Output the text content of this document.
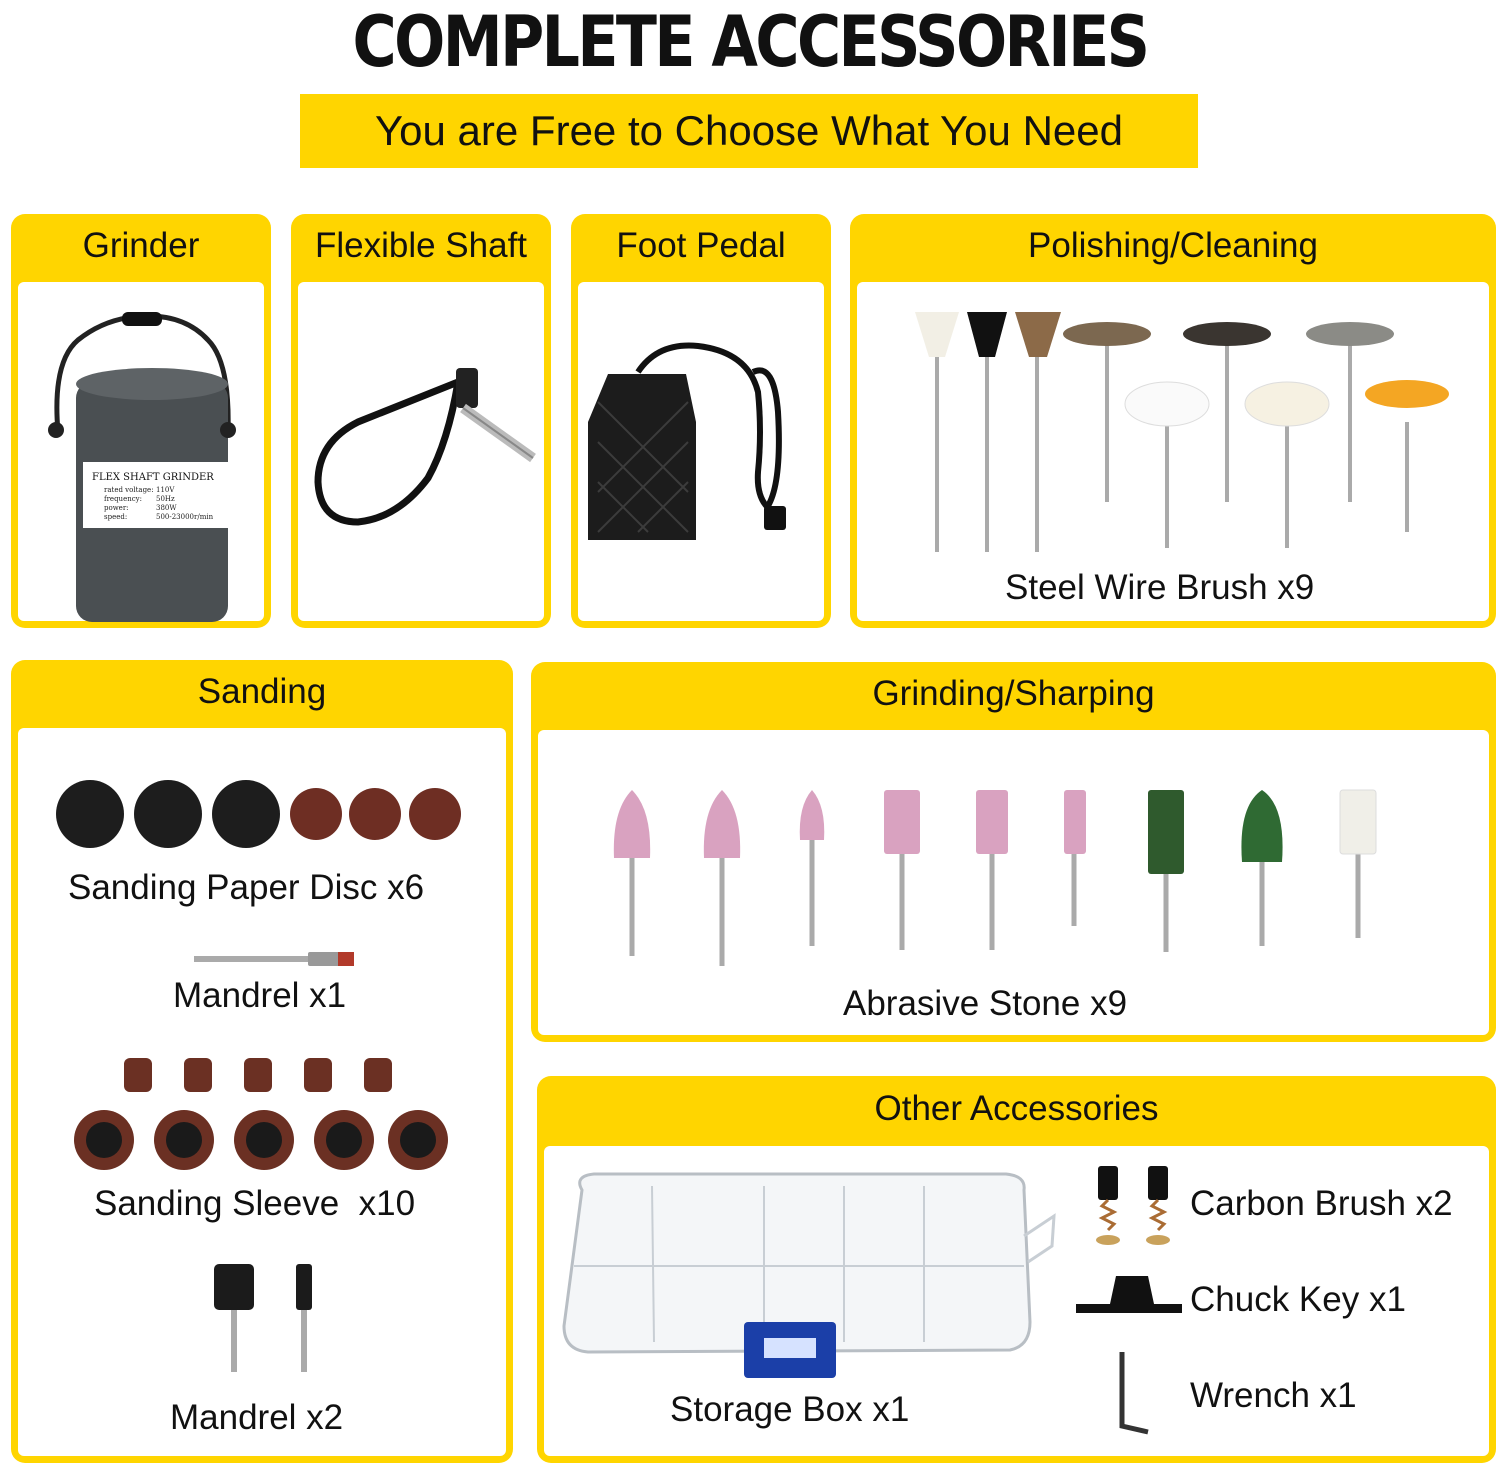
COMPLETE ACCESSORIES
You are Free to Choose What You Need
Grinder
FLEX SHAFT GRINDER
rated voltage: 110V
frequency: 50Hz
power:	380W
speed:	500-23000r/min
Flexible Shaft	Foot Pedal	Polishing/Cleaning
Steel Wire Brush x9
Sanding
Sanding Paper Disc x6
Mandrel x1
Sanding Sleeve  x10
Mandrel x2
Grinding/Sharping
Abrasive Stone x9
Other Accessories
Storage Box x1
Carbon Brush x2
Chuck Key x1
Wrench x1
